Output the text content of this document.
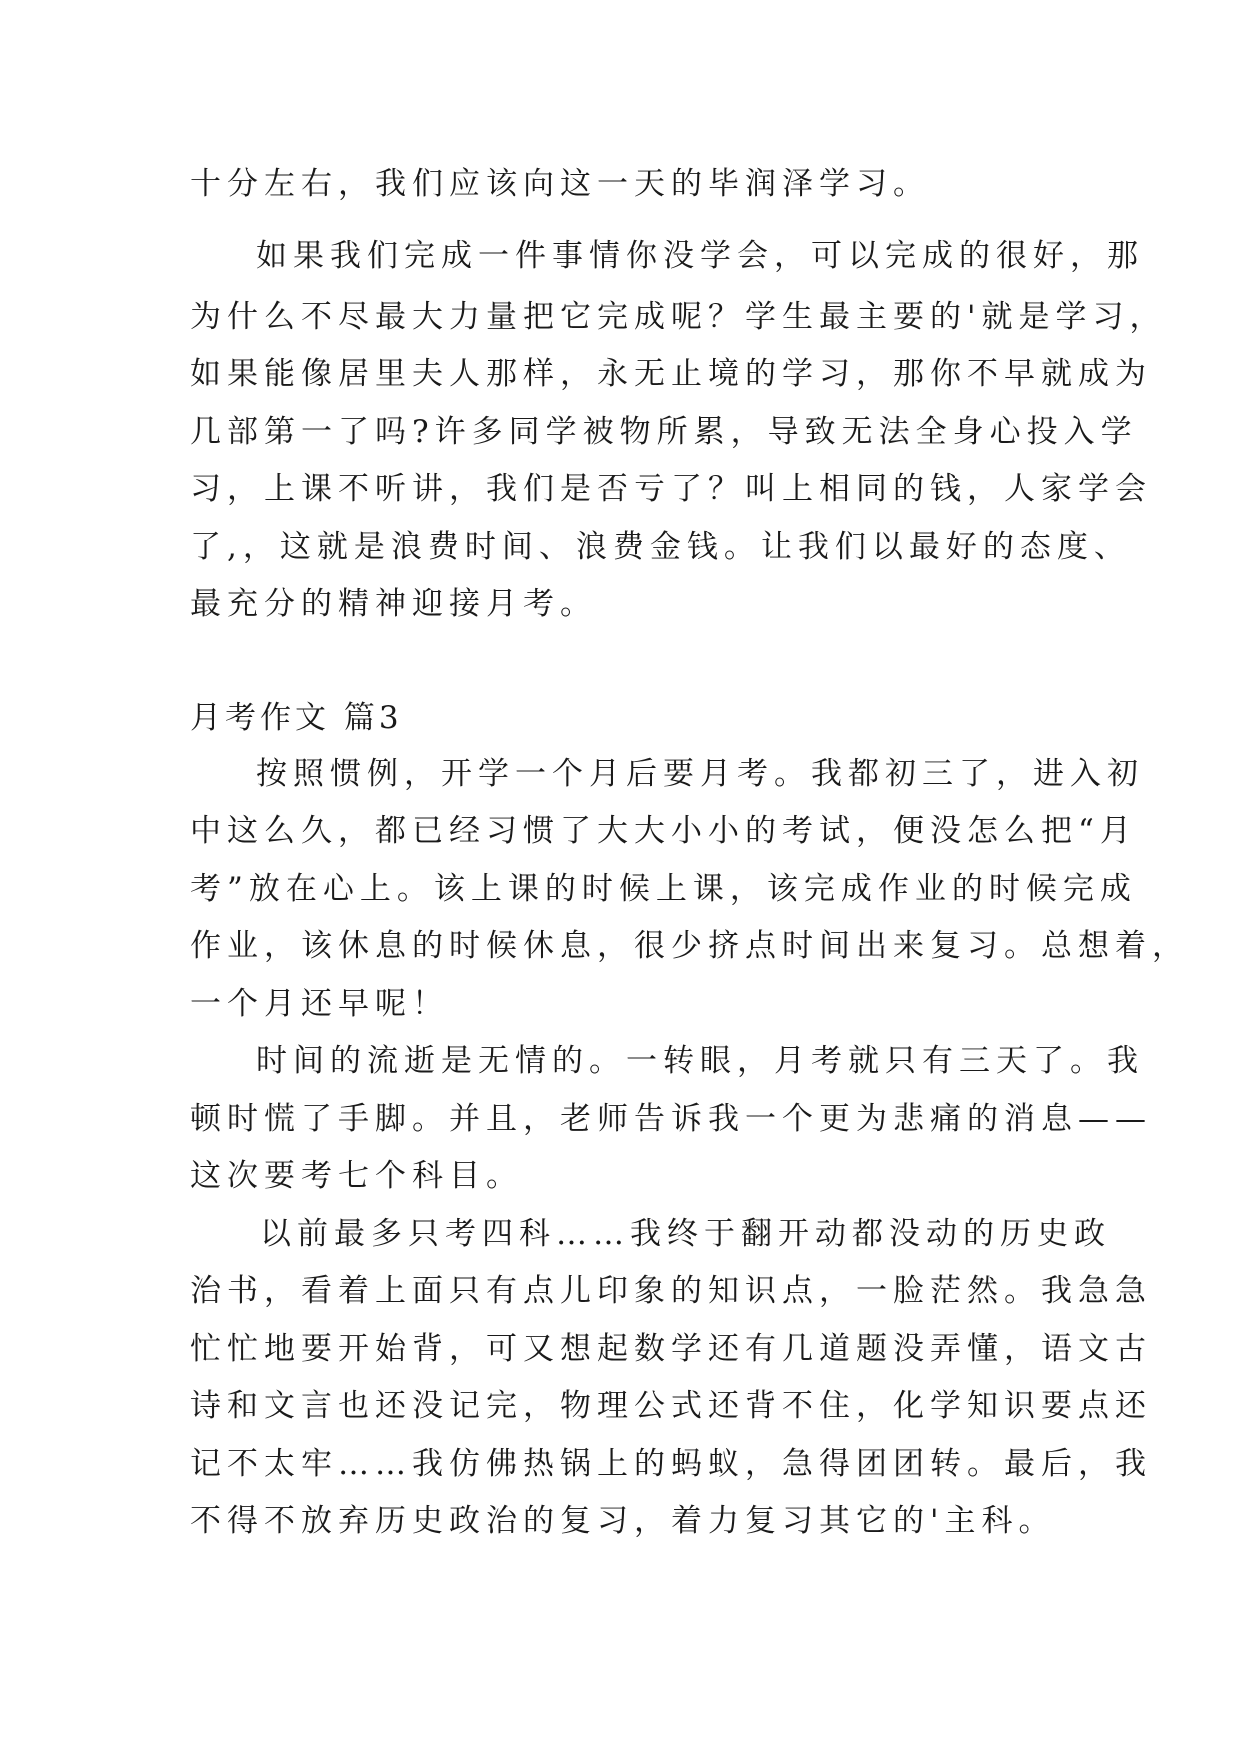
十分左右，我们应该向这一天的毕润泽学习。

如果我们完成一件事情你没学会，可以完成的很好，那

为什么不尽最大力量把它完成呢？学生最主要的'就是学习，

如果能像居里夫人那样，永无止境的学习，那你不早就成为

几部第一了吗?许多同学被物所累，导致无法全身心投入学

习，上课不听讲，我们是否亏了？叫上相同的钱，人家学会

了,，这就是浪费时间、浪费金钱。让我们以最好的态度、

最充分的精神迎接月考。

月考作文 篇3

按照惯例，开学一个月后要月考。我都初三了，进入初

中这么久，都已经习惯了大大小小的考试，便没怎么把“月

考”放在心上。该上课的时候上课，该完成作业的时候完成

作业，该休息的时候休息，很少挤点时间出来复习。总想着，

一个月还早呢！

时间的流逝是无情的。一转眼，月考就只有三天了。我

顿时慌了手脚。并且，老师告诉我一个更为悲痛的消息——

这次要考七个科目。

以前最多只考四科……我终于翻开动都没动的历史政

治书，看着上面只有点儿印象的知识点，一脸茫然。我急急

忙忙地要开始背，可又想起数学还有几道题没弄懂，语文古

诗和文言也还没记完，物理公式还背不住，化学知识要点还

记不太牢……我仿佛热锅上的蚂蚁，急得团团转。最后，我

不得不放弃历史政治的复习，着力复习其它的'主科。
